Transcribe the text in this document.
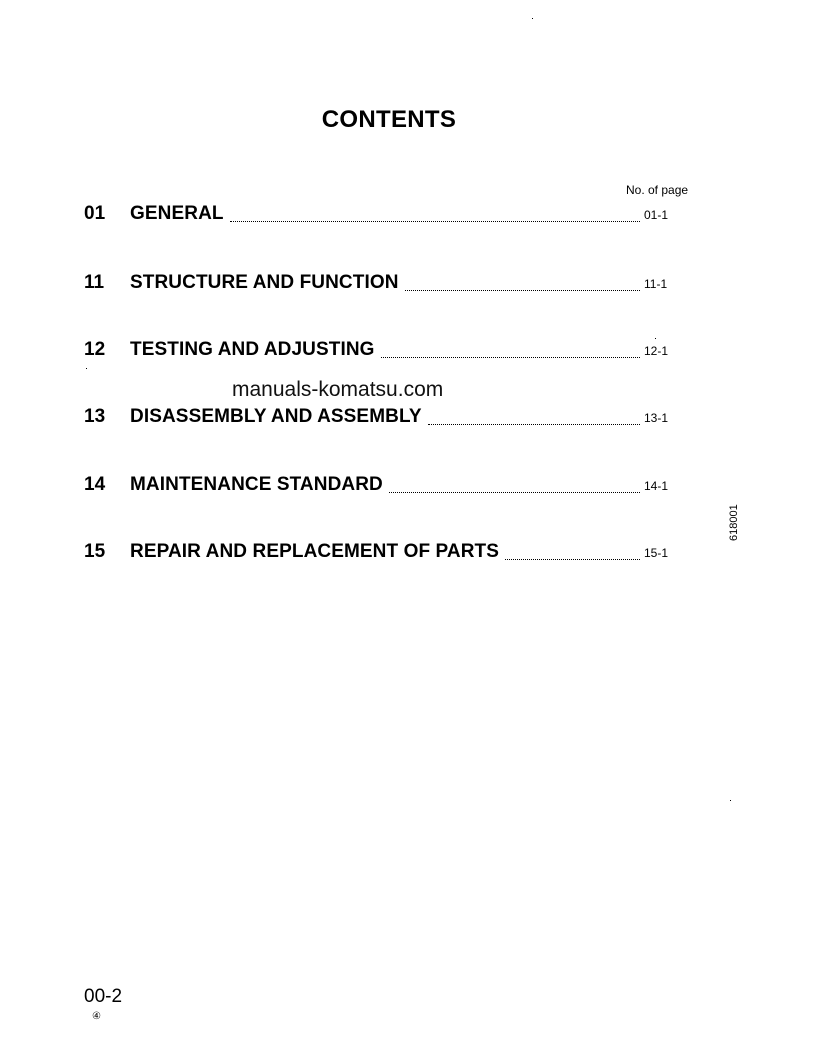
CONTENTS
No. of page
01	GENERAL	01-1
11	STRUCTURE AND FUNCTION	11-1
12	TESTING AND ADJUSTING	12-1
manuals-komatsu.com
13	DISASSEMBLY AND ASSEMBLY	13-1
14	MAINTENANCE STANDARD	14-1
15	REPAIR AND REPLACEMENT OF PARTS	15-1
618001
00-2
④
